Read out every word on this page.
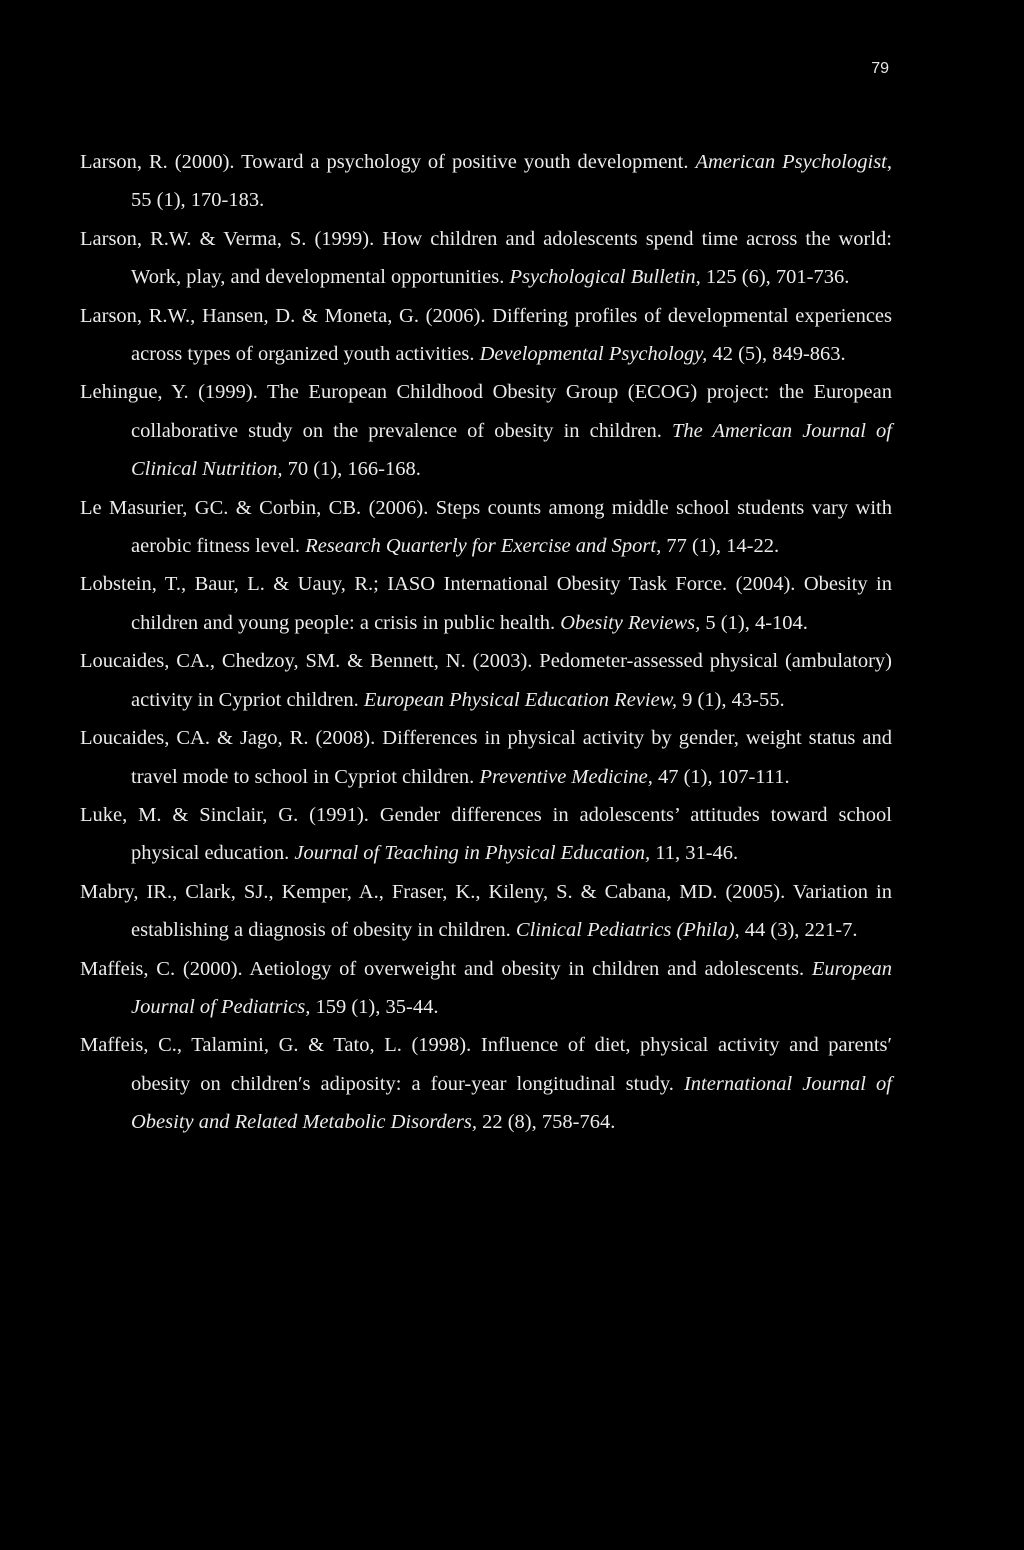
79

Larson, R. (2000). Toward a psychology of positive youth development. American Psychologist, 55 (1), 170-183.

Larson, R.W. & Verma, S. (1999). How children and adolescents spend time across the world: Work, play, and developmental opportunities. Psychological Bulletin, 125 (6), 701-736.

Larson, R.W., Hansen, D. & Moneta, G. (2006). Differing profiles of developmental experiences across types of organized youth activities. Developmental Psychology, 42 (5), 849-863.

Lehingue, Y. (1999). The European Childhood Obesity Group (ECOG) project: the European collaborative study on the prevalence of obesity in children. The American Journal of Clinical Nutrition, 70 (1), 166-168.

Le Masurier, GC. & Corbin, CB. (2006). Steps counts among middle school students vary with aerobic fitness level. Research Quarterly for Exercise and Sport, 77 (1), 14-22.

Lobstein, T., Baur, L. & Uauy, R.; IASO International Obesity Task Force. (2004). Obesity in children and young people: a crisis in public health. Obesity Reviews, 5 (1), 4-104.

Loucaides, CA., Chedzoy, SM. & Bennett, N. (2003). Pedometer-assessed physical (ambulatory) activity in Cypriot children. European Physical Education Review, 9 (1), 43-55.

Loucaides, CA. & Jago, R. (2008). Differences in physical activity by gender, weight status and travel mode to school in Cypriot children. Preventive Medicine, 47 (1), 107-111.

Luke, M. & Sinclair, G. (1991). Gender differences in adolescents’ attitudes toward school physical education. Journal of Teaching in Physical Education, 11, 31-46.

Mabry, IR., Clark, SJ., Kemper, A., Fraser, K., Kileny, S. & Cabana, MD. (2005). Variation in establishing a diagnosis of obesity in children. Clinical Pediatrics (Phila), 44 (3), 221-7.

Maffeis, C. (2000). Aetiology of overweight and obesity in children and adolescents. European Journal of Pediatrics, 159 (1), 35-44.

Maffeis, C., Talamini, G. & Tato, L. (1998). Influence of diet, physical activity and parents′ obesity on children′s adiposity: a four-year longitudinal study. International Journal of Obesity and Related Metabolic Disorders, 22 (8), 758-764.
